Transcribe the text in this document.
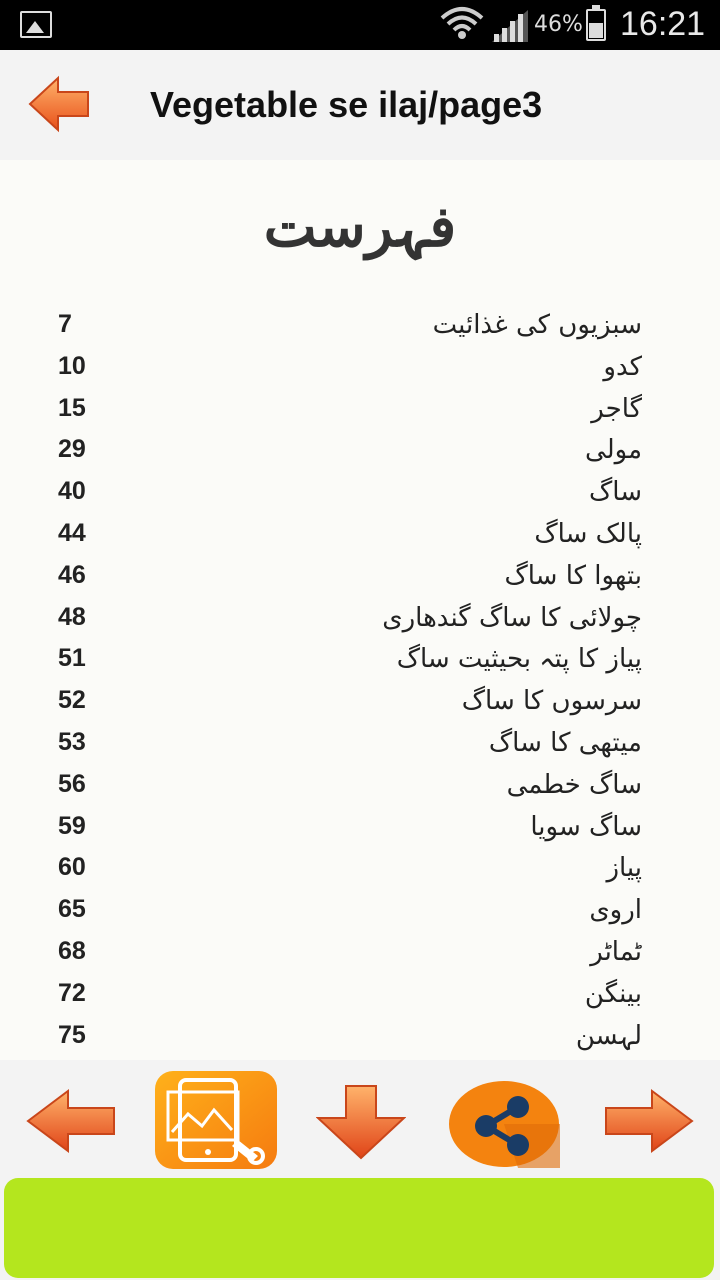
46% 16:21
Vegetable se ilaj/page3
فہرست
7	سبزیوں کی غذائیت
10	کدو
15	گاجر
29	مولی
40	ساگ
44	پالک ساگ
46	بتھوا کا ساگ
48	چولائی کا ساگ گندھاری
51	پیاز کا پتہ بحیثیت ساگ
52	سرسوں کا ساگ
53	میتھی کا ساگ
56	ساگ خطمی
59	ساگ سویا
60	پیاز
65	اروی
68	ٹماٹر
72	بینگن
75	لہسن
